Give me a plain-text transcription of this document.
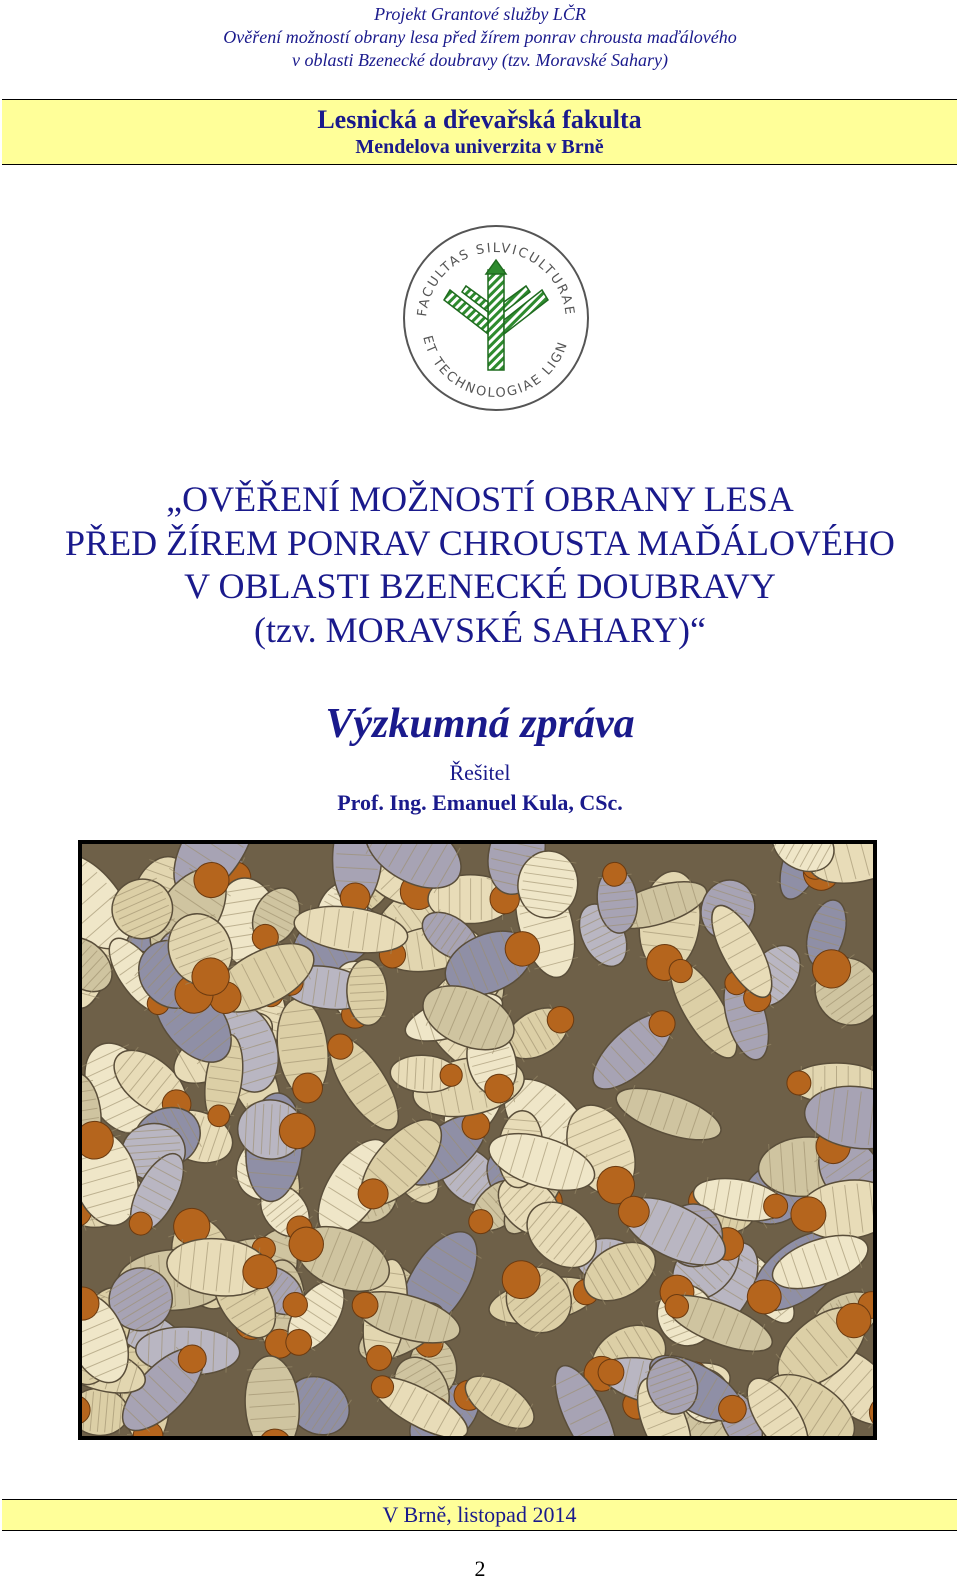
Projekt Grantové služby LČR
Ověření možností obrany lesa před žírem ponrav chrousta maďálového
v oblasti Bzenecké doubravy (tzv. Moravské Sahary)
Lesnická a dřevařská fakulta
Mendelova univerzita v Brně
FACULTAS SILVICULTURAE
ET TECHNOLOGIAE LIGN
„OVĚŘENÍ MOŽNOSTÍ OBRANY LESA
PŘED ŽÍREM PONRAV CHROUSTA MAĎÁLOVÉHO
V OBLASTI BZENECKÉ DOUBRAVY
(tzv. MORAVSKÉ SAHARY)“
Výzkumná zpráva
Řešitel
Prof. Ing. Emanuel Kula, CSc.
V Brně, listopad 2014
2
